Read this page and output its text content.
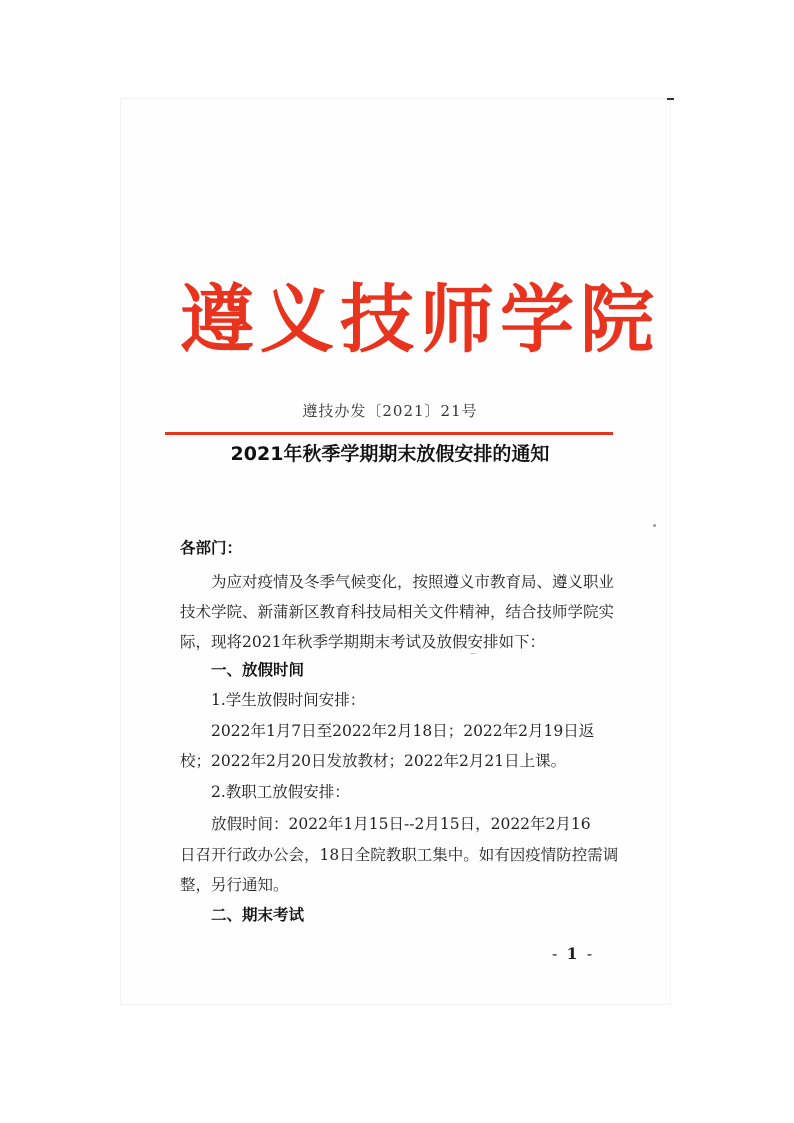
遵义技师学院
遵技办发〔2021〕21号
2021年秋季学期期末放假安排的通知
各部门：
为应对疫情及冬季气候变化，按照遵义市教育局、遵义职业
技术学院、新蒲新区教育科技局相关文件精神，结合技师学院实
际，现将2021年秋季学期期末考试及放假安排如下：
一、放假时间
1.学生放假时间安排：
2022年1月7日至2022年2月18日；2022年2月19日返
校；2022年2月20日发放教材；2022年2月21日上课。
2.教职工放假安排：
放假时间：2022年1月15日--2月15日，2022年2月16
日召开行政办公会，18日全院教职工集中。如有因疫情防控需调
整，另行通知。
二、期末考试
- 1 -
